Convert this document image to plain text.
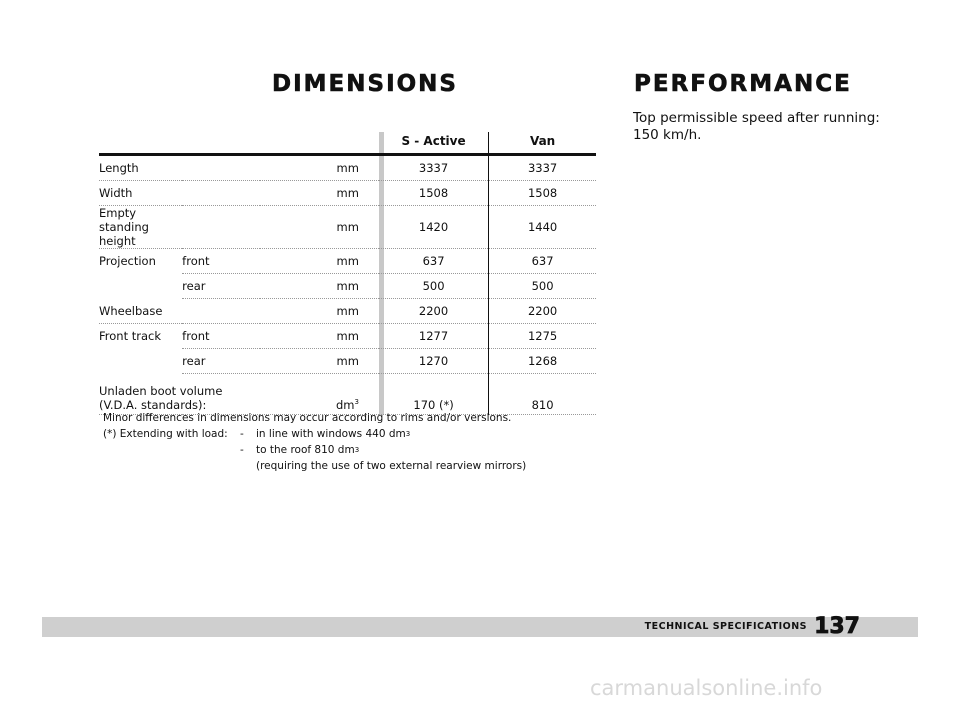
DIMENSIONS	PERFORMANCE
Top permissible speed after running: 150 km/h.
			S - Active	Van
Length		mm	3337	3337
Width		mm	1508	1508
Empty standing height		mm	1420	1440
Projection	front	mm	637	637
	rear	mm	500	500
Wheelbase		mm	2200	2200
Front track	front	mm	1277	1275
	rear	mm	1270	1268

Unladen boot volume
(V.D.A. standards):		$dm^3$	170 (*)	810
Minor differences in dimensions may occur according to rims and/or versions.
(*) Extending with load:	-	in line with windows 440 $dm^3$
-	to the roof 810 $dm^3$
(requiring the use of two external rearview mirrors)
TECHNICAL SPECIFICATIONS 137
carmanualsonline.info
